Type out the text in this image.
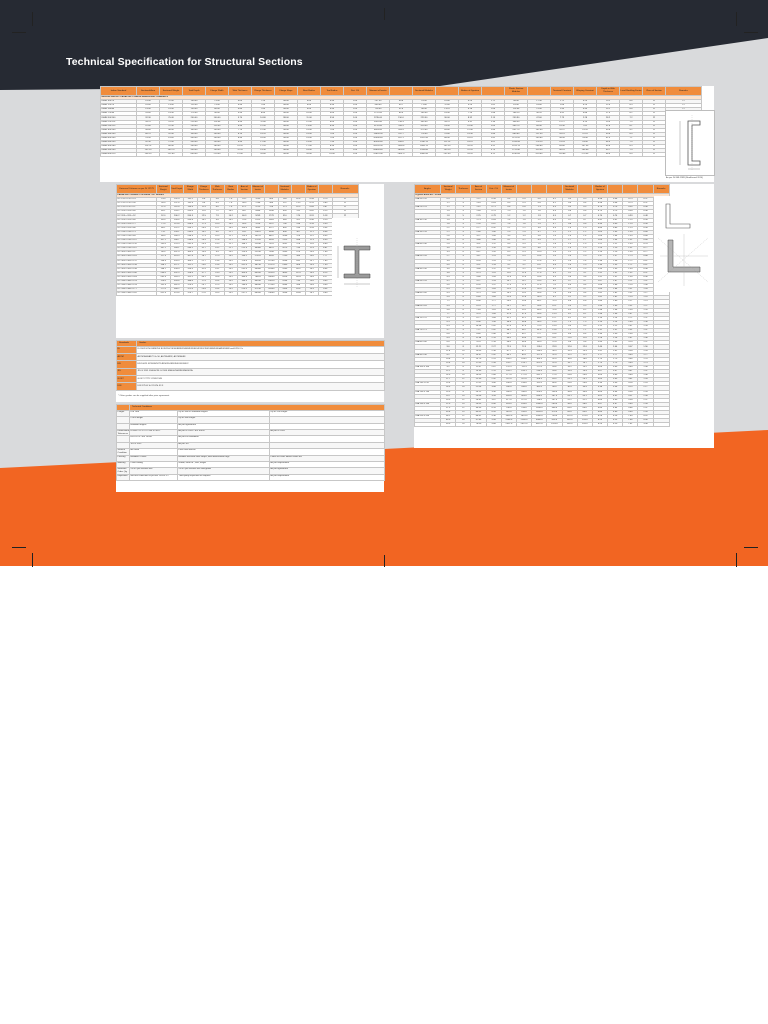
Technical Specification for Structural Sections
Indian Standard	Sectional Area	Sectional Weight	Total Depth	Flange Width	Web Thickness	Flange Thickness	Flange Slope	Root Radius	Toe Radius	Dist. CG	Moment of Inertia		Sectional Modulus		Radius of Gyration		Plastic Section Modulus		Torsional Constant	Warping Constant	Depth to Web Thickness	Local Buckling Factor	Class of Section	Remarks
MEDIUM WEIGHT PARALLEL FLANGE BEAMS AND CHANNELS																								
ISMB 100/75	14.00	11.00	100.00	75.00	4.00	7.20	98.00	9.00	4.50	1.04	257.50	40.8	51.50	10.80	4.29	1.71	58.90	17.30	1.72	0.25	19.2	8.6	Pl	Pl
ISMB 125/75	16.60	13.00	125.00	75.00	4.40	7.60	98.00	9.00	4.50	1.04	449.00	43.7	71.80	11.60	5.20	1.62	81.90	18.80	1.66	0.29	22.0	8.3	Pl	Pl
ISMB 150/80	19.00	14.90	150.00	80.00	4.80	7.60	98.00	9.00	4.50	1.04	726.40	52.6	96.90	13.10	6.18	1.66	110.40	21.00	1.95	0.40	25.1	8.8	Pl	
ISMB 175/90	24.60	19.30	175.00	90.00	5.50	8.60	98.00	10.00	5.00	1.04	1272.00	85.0	145.40	18.90	7.19	1.86	166.10	30.20	3.42	0.88	27.0	8.2	Pl	
ISMB 200/100	32.30	25.40	200.00	100.00	5.70	10.80	98.00	11.00	5.50	1.04	2235.00	150.0	223.50	30.00	8.32	2.15	253.90	47.60	7.73	2.28	28.2	7.2	Pl	
ISMB 225/110	39.70	31.20	225.00	110.00	6.50	11.80	98.00	12.00	6.00	1.04	3441.80	218.3	305.90	39.70	9.31	2.34	348.30	63.10	12.27	4.13	29.0	7.5	Pl	
ISMB 250/125	47.60	37.30	250.00	125.00	6.90	12.50	98.00	13.00	6.50	1.04	5131.60	334.5	410.50	53.50	10.40	2.65	465.70	84.40	16.36	7.62	31.6	8.1	Pl	
ISMB 300/140	58.60	46.00	300.00	140.00	7.70	12.40	98.00	14.00	7.00	1.04	8603.60	453.9	573.60	64.80	12.40	2.84	651.70	102.90	20.57	14.26	35.6	9.2	Pl	
ISMB 350/140	66.70	52.40	350.00	140.00	8.10	14.20	98.00	14.00	7.00	1.04	13630.30	537.7	778.90	76.80	14.30	2.84	889.60	121.50	26.14	22.16	39.6	8.0	Pl	
ISMB 400/140	78.50	61.60	400.00	140.00	8.90	16.00	98.00	14.00	7.00	1.04	20458.40	622.1	1022.90	88.90	16.10	2.82	1176.20	143.80	38.44	33.46	41.3	7.1	Pl	
ISMB 450/150	92.30	72.40	450.00	150.00	9.40	17.40	98.00	15.00	7.50	1.04	30390.80	834.0	1350.70	111.20	18.10	3.01	1533.40	178.20	51.03	53.40	44.0	7.0	Pl	
ISMB 500/180	110.70	86.90	500.00	180.00	10.20	17.20	98.00	17.00	8.50	1.04	45218.30	1369.8	1808.70	152.20	20.20	3.52	2074.70	246.80	64.86	107.54	45.6	8.3	Pl	
ISMB 550/190	132.10	103.70	550.00	190.00	11.20	19.30	98.00	18.00	9.00	1.04	64893.60	1833.8	2359.80	193.10	22.20	3.73	2711.90	313.30	96.18	164.68	45.7	7.9	Pl	
ISMB 600/210	156.20	122.60	600.00	210.00	12.00	20.80	98.00	20.00	10.00	1.04	91813.00	2651.0	3060.40	252.50	24.20	4.12	3510.60	410.60	129.86	273.34	46.6	8.0	Pl	
As per IS 808:1989 (Reaffirmed 2014)
Universal Columns as per IS 12779	Sectional Weight	Total Depth	Flange Width	Flange Thickness	Web Thickness	Root Radius	Area of Section	Moment of Inertia		Sectional Modulus		Radius of Gyration		Remarks
PARALLEL FLANGE COLUMNS / UC SERIES														
UC 152 x 152 x 23	23.0	152.4	152.2	6.8	5.8	7.6	29.2	1250	400	164	52.6	6.54	3.70	Pl
UC 152 x 152 x 30	30.0	157.6	152.9	9.4	6.5	7.6	38.3	1748	560	222	73.3	6.76	3.83	Pl
UC 152 x 152 x 37	37.0	161.8	154.4	11.5	8.0	7.6	47.1	2210	706	273	91.5	6.85	3.87	Pl
UC 203 x 203 x 46	46.1	203.2	203.6	11.0	7.2	10.2	58.7	4568	1548	450	152	8.82	5.13	Pl
UC 203 x 203 x 52	52.0	206.2	204.3	12.5	7.9	10.2	66.3	5259	1778	510	174	8.91	5.18	Pl
UC 203 x 203 x 60	60.0	209.6	205.8	14.2	9.4	10.2	76.4	6125	2065	584	201	8.96	5.20	
UC 203 x 203 x 71	71.0	215.8	206.4	17.3	10.0	10.2	90.4	7618	2537	706	246	9.18	5.30	
UC 203 x 203 x 86	86.1	222.2	209.1	20.5	12.7	10.2	109.6	9449	3127	850	299	9.28	5.34	
UC 254 x 254 x 73	73.1	254.1	254.6	14.2	8.6	12.7	93.1	11410	3908	898	307	11.1	6.48	
UC 254 x 254 x 89	88.9	260.3	256.3	17.3	10.3	12.7	113.3	14270	4857	1096	379	11.2	6.55	
UC 254 x 254 x 107	107.1	266.7	258.8	20.5	12.8	12.7	136.4	17510	5928	1313	458	11.3	6.59	
UC 254 x 254 x 132	132.0	276.3	261.3	25.3	15.3	12.7	168.1	22530	7531	1631	576	11.6	6.69	
UC 254 x 254 x 167	167.1	289.1	265.2	31.7	19.2	12.7	212.9	30000	9870	2075	744	11.9	6.81	
UC 305 x 305 x 97	96.9	307.9	305.3	15.4	9.9	15.2	123.4	22250	7308	1445	479	13.4	7.69	
UC 305 x 305 x 118	117.9	314.5	307.4	18.7	12.0	15.2	150.2	27670	9059	1760	589	13.6	7.77	
UC 305 x 305 x 137	136.9	320.5	309.2	21.7	13.8	15.2	174.4	32810	10700	2048	692	13.7	7.83	
UC 305 x 305 x 158	158.1	327.1	311.2	25.0	15.8	15.2	201.4	38750	12570	2369	808	13.9	7.90	
UC 305 x 305 x 198	198.1	339.9	314.5	31.4	19.1	15.2	252.4	50900	16300	2995	1037	14.2	8.04	
UC 305 x 305 x 240	240.0	352.5	318.4	37.7	23.0	15.2	305.8	64200	20310	3643	1276	14.5	8.15	
UC 305 x 305 x 283	282.9	365.3	322.2	44.1	26.8	15.2	360.4	78870	24630	4318	1529	14.8	8.27	
UC 356 x 368 x 129	129.0	355.6	368.6	17.5	10.4	15.2	164.3	40250	14610	2264	793	15.6	9.43	
UC 356 x 368 x 153	152.9	362.0	370.5	20.7	12.3	15.2	194.8	48590	17550	2684	948	15.8	9.49	
UC 356 x 368 x 177	177.0	368.2	372.6	23.8	14.4	15.2	225.5	57150	20530	3104	1102	15.9	9.54	
UC 356 x 368 x 202	201.9	374.6	374.7	27.0	16.5	15.2	257.2	66260	23690	3538	1264	16.1	9.60	
Standards	Grades
IS	IS 2062 E250 BR/E250 BO/E250C/E300BR/E350BR/E350BO/E350C/E410BR/E450A/E450BR and E250 Cu
ASTM	ASTM A36/A572 Gr 50, ASTM A992, ASTM A588
EN	EN 10025 S235JR/S275JR/S355JR/S355J0/S355J2
JIS	JIS G 3101 SS400/JIS G 3106 SM400/SM490/SM490YA
GOST	GOST 27772 C255/C345
DIN	DIN 17100 St 37-2/St 52-3
* Other grades can be supplied after prior agreement
	Technical Conditions		
Length	6 to 18m	Up to 18m in standard lengths	Up to 12m length
	Cut to length	Up to 18m length	
	Random lengths	As per agreement	
Dimensional Tolerances	IS 808 / IS 12779 / BS 4 Part 1	As per IS 1852 / EN 10034	As per IS 1852
	EN 10279 / EN 10056	As per EN standards	
	JIS G 3192	As per JIS	
Surface Condition	As rolled	Free from defects	
Packing	Bundled / Loose	Bundles tied with steel straps, with identification tags	Loose for sizes above ISMB 300
Marking	Color coding	Grade, heat no., size, length	As per requirement
Minimum Order Qty	25 MT per section size	25 MT per section size and grade	As per agreement
Inspection	Mill test certificate as per EN 10204 3.1	Third party inspection on request	As per requirement
Angles	Sectional Weight	Thickness	Area of Section	Dist. CG	Moment of Inertia				Sectional Modulus		Radius of Gyration				Remarks
EQUAL ANGLES - IS 808															
ISA 20 x 20	0.9	3	1.12	0.59	0.4	0.4	0.6	0.2	0.3	0.3	0.58	0.58	0.73	0.37	
	1.1	4	1.45	0.63	0.5	0.5	0.8	0.2	0.4	0.4	0.58	0.58	0.73	0.37	
ISA 25 x 25	1.1	3	1.41	0.71	0.8	0.8	1.3	0.3	0.5	0.5	0.76	0.76	0.95	0.48	
	1.4	4	1.84	0.75	1.0	1.0	1.6	0.4	0.6	0.6	0.75	0.75	0.94	0.48	
	1.8	5	2.25	0.79	1.2	1.2	1.9	0.5	0.7	0.7	0.74	0.74	0.93	0.48	
ISA 30 x 30	1.4	3	1.73	0.83	1.4	1.4	2.2	0.6	0.7	0.7	0.91	0.91	1.15	0.58	
	1.8	4	2.26	0.87	1.8	1.8	2.9	0.7	0.8	0.8	0.90	0.90	1.14	0.58	
	2.2	5	2.77	0.92	2.1	2.1	3.4	0.9	1.0	1.0	0.89	0.89	1.13	0.58	
ISA 35 x 35	2.1	4	2.66	1.00	2.9	2.9	4.7	1.2	1.2	1.2	1.05	1.05	1.34	0.68	
	2.6	5	3.27	1.04	3.5	3.5	5.6	1.4	1.4	1.4	1.04	1.04	1.33	0.68	
	3.0	6	3.86	1.08	4.1	4.1	6.5	1.7	1.7	1.7	1.04	1.04	1.31	0.68	
ISA 40 x 40	2.4	4	3.07	1.12	4.5	4.5	7.2	1.8	1.5	1.5	1.21	1.21	1.53	0.78	
	3.0	5	3.78	1.16	5.4	5.4	8.6	2.2	1.9	1.9	1.20	1.20	1.51	0.77	
	3.5	6	4.47	1.20	6.3	6.3	10.0	2.6	2.2	2.2	1.19	1.19	1.50	0.77	
ISA 45 x 45	2.7	4	3.47	1.25	6.5	6.5	10.4	2.6	2.0	2.0	1.37	1.37	1.73	0.88	
	3.4	5	4.28	1.29	7.9	7.9	12.6	3.2	2.4	2.4	1.36	1.36	1.72	0.87	
	4.0	6	5.07	1.33	9.2	9.2	14.7	3.8	2.9	2.9	1.35	1.35	1.71	0.87	
ISA 50 x 50	3.0	4	3.88	1.37	9.1	9.1	14.5	3.7	2.5	2.5	1.53	1.53	1.93	0.98	
	3.8	5	4.79	1.41	11.0	11.0	17.6	4.5	3.1	3.1	1.52	1.52	1.92	0.97	
	4.5	6	5.68	1.45	12.9	12.9	20.6	5.3	3.6	3.6	1.51	1.51	1.90	0.96	
ISA 55 x 55	4.1	5	5.27	1.53	14.7	14.7	23.5	6.0	3.7	3.7	1.67	1.67	2.11	1.07	
	5.0	6	6.26	1.57	17.3	17.3	27.6	7.0	4.4	4.4	1.66	1.66	2.10	1.06	
	6.5	8	8.18	1.65	22.0	22.0	35.0	9.0	5.7	5.7	1.64	1.64	2.07	1.05	
ISA 60 x 60	4.5	5	5.75	1.65	19.2	19.2	30.6	7.8	4.4	4.4	1.82	1.82	2.31	1.17	
	5.4	6	6.84	1.69	22.6	22.6	36.0	9.2	5.2	5.2	1.82	1.82	2.29	1.16	
	7.1	8	8.96	1.77	29.0	29.0	46.1	11.9	6.8	6.8	1.80	1.80	2.27	1.15	
ISA 65 x 65	4.9	5	6.25	1.77	24.7	24.7	39.4	10.1	5.3	5.3	1.99	1.99	2.51	1.27	
	5.8	6	7.44	1.81	29.1	29.1	46.5	11.8	6.2	6.2	1.98	1.98	2.50	1.26	
	7.7	8	9.76	1.89	37.4	37.4	59.6	15.3	8.1	8.1	1.96	1.96	2.47	1.25	
ISA 70 x 70	5.3	5	6.77	1.89	31.1	31.1	49.6	12.7	6.1	6.1	2.14	2.14	2.71	1.37	
	6.3	6	8.06	1.94	36.8	36.8	58.5	15.0	7.3	7.3	2.14	2.14	2.69	1.36	
	8.3	8	10.58	2.02	47.4	47.4	75.3	19.4	9.5	9.5	2.12	2.12	2.67	1.35	
ISA 75 x 75	5.7	5	7.27	2.02	38.7	38.7	61.6	15.8	7.1	7.1	2.31	2.31	2.91	1.47	
	6.8	6	8.66	2.06	45.7	45.7	72.7	18.6	8.4	8.4	2.30	2.30	2.90	1.47	
	8.9	8	11.38	2.14	59.0	59.0	93.8	24.1	11.0	11.0	2.28	2.28	2.87	1.46	
ISA 80 x 80	6.0	6	9.29	2.18	56.0	56.0	89.0	22.9	9.6	9.6	2.45	2.45	3.10	1.57	
	9.6	8	12.21	2.27	72.5	72.5	115.0	29.9	12.6	12.6	2.44	2.44	3.07	1.56	
	11.8	10	15.05	2.34	87.7	87.7	139.0	36.3	15.5	15.5	2.41	2.41	3.04	1.55	
ISA 90 x 90	8.2	6	10.47	2.42	80.1	80.1	127.3	32.9	12.2	12.2	2.77	2.77	3.49	1.77	
	10.8	8	13.79	2.51	104.2	104.2	165.5	42.9	16.0	16.0	2.75	2.75	3.46	1.76	
	13.4	10	17.03	2.59	126.7	126.7	201.0	52.4	19.7	19.7	2.73	2.73	3.44	1.75	
ISA 100 x 100	9.2	6	11.67	2.67	111.3	111.3	177.0	45.6	15.2	15.2	3.09	3.09	3.89	1.98	
	12.1	8	15.39	2.76	145.1	145.1	230.6	59.6	19.9	19.9	3.07	3.07	3.87	1.97	
	14.9	10	19.03	2.84	177.0	177.0	281.1	72.9	24.6	24.6	3.05	3.05	3.84	1.96	
	17.7	12	22.59	2.92	207.0	207.0	328.5	85.5	29.1	29.1	3.03	3.03	3.81	1.95	
ISA 110 x 110	13.4	8	17.02	3.00	196.0	196.0	311.4	80.6	24.6	24.6	3.39	3.39	4.28	2.18	
	16.5	10	21.06	3.08	240.0	240.0	381.0	98.9	30.4	30.4	3.38	3.38	4.25	2.17	
ISA 130 x 130	15.9	8	20.22	3.50	330.0	330.0	524.0	136.0	34.8	34.8	4.04	4.04	5.09	2.59	
	19.7	10	25.06	3.59	405.0	405.0	644.0	167.0	43.1	43.1	4.02	4.02	5.07	2.58	
	23.5	12	29.82	3.67	477.0	477.0	758.0	197.0	51.2	51.2	4.00	4.00	5.04	2.57	
ISA 150 x 150	22.9	10	29.03	4.06	633.0	633.0	1006.0	260.0	58.0	58.0	4.67	4.67	5.89	2.99	
	27.3	12	34.59	4.14	746.0	746.0	1186.0	306.0	69.0	69.0	4.64	4.64	5.86	2.97	
	33.8	15	43.02	4.26	910.0	910.0	1445.0	375.0	85.0	85.0	4.60	4.60	5.80	2.95	
ISA 200 x 200	36.1	12	46.61	5.36	1825.0	1825.0	2900.0	750.0	125.0	125.0	6.26	6.26	7.89	4.01	
	45.0	15	57.80	5.49	2246.0	2246.0	3568.0	924.0	155.0	155.0	6.23	6.23	7.86	4.00	
	59.9	20	76.00	5.68	2921.0	2921.0	4637.0	1205.0	205.0	205.0	6.20	6.20	7.81	3.98	
